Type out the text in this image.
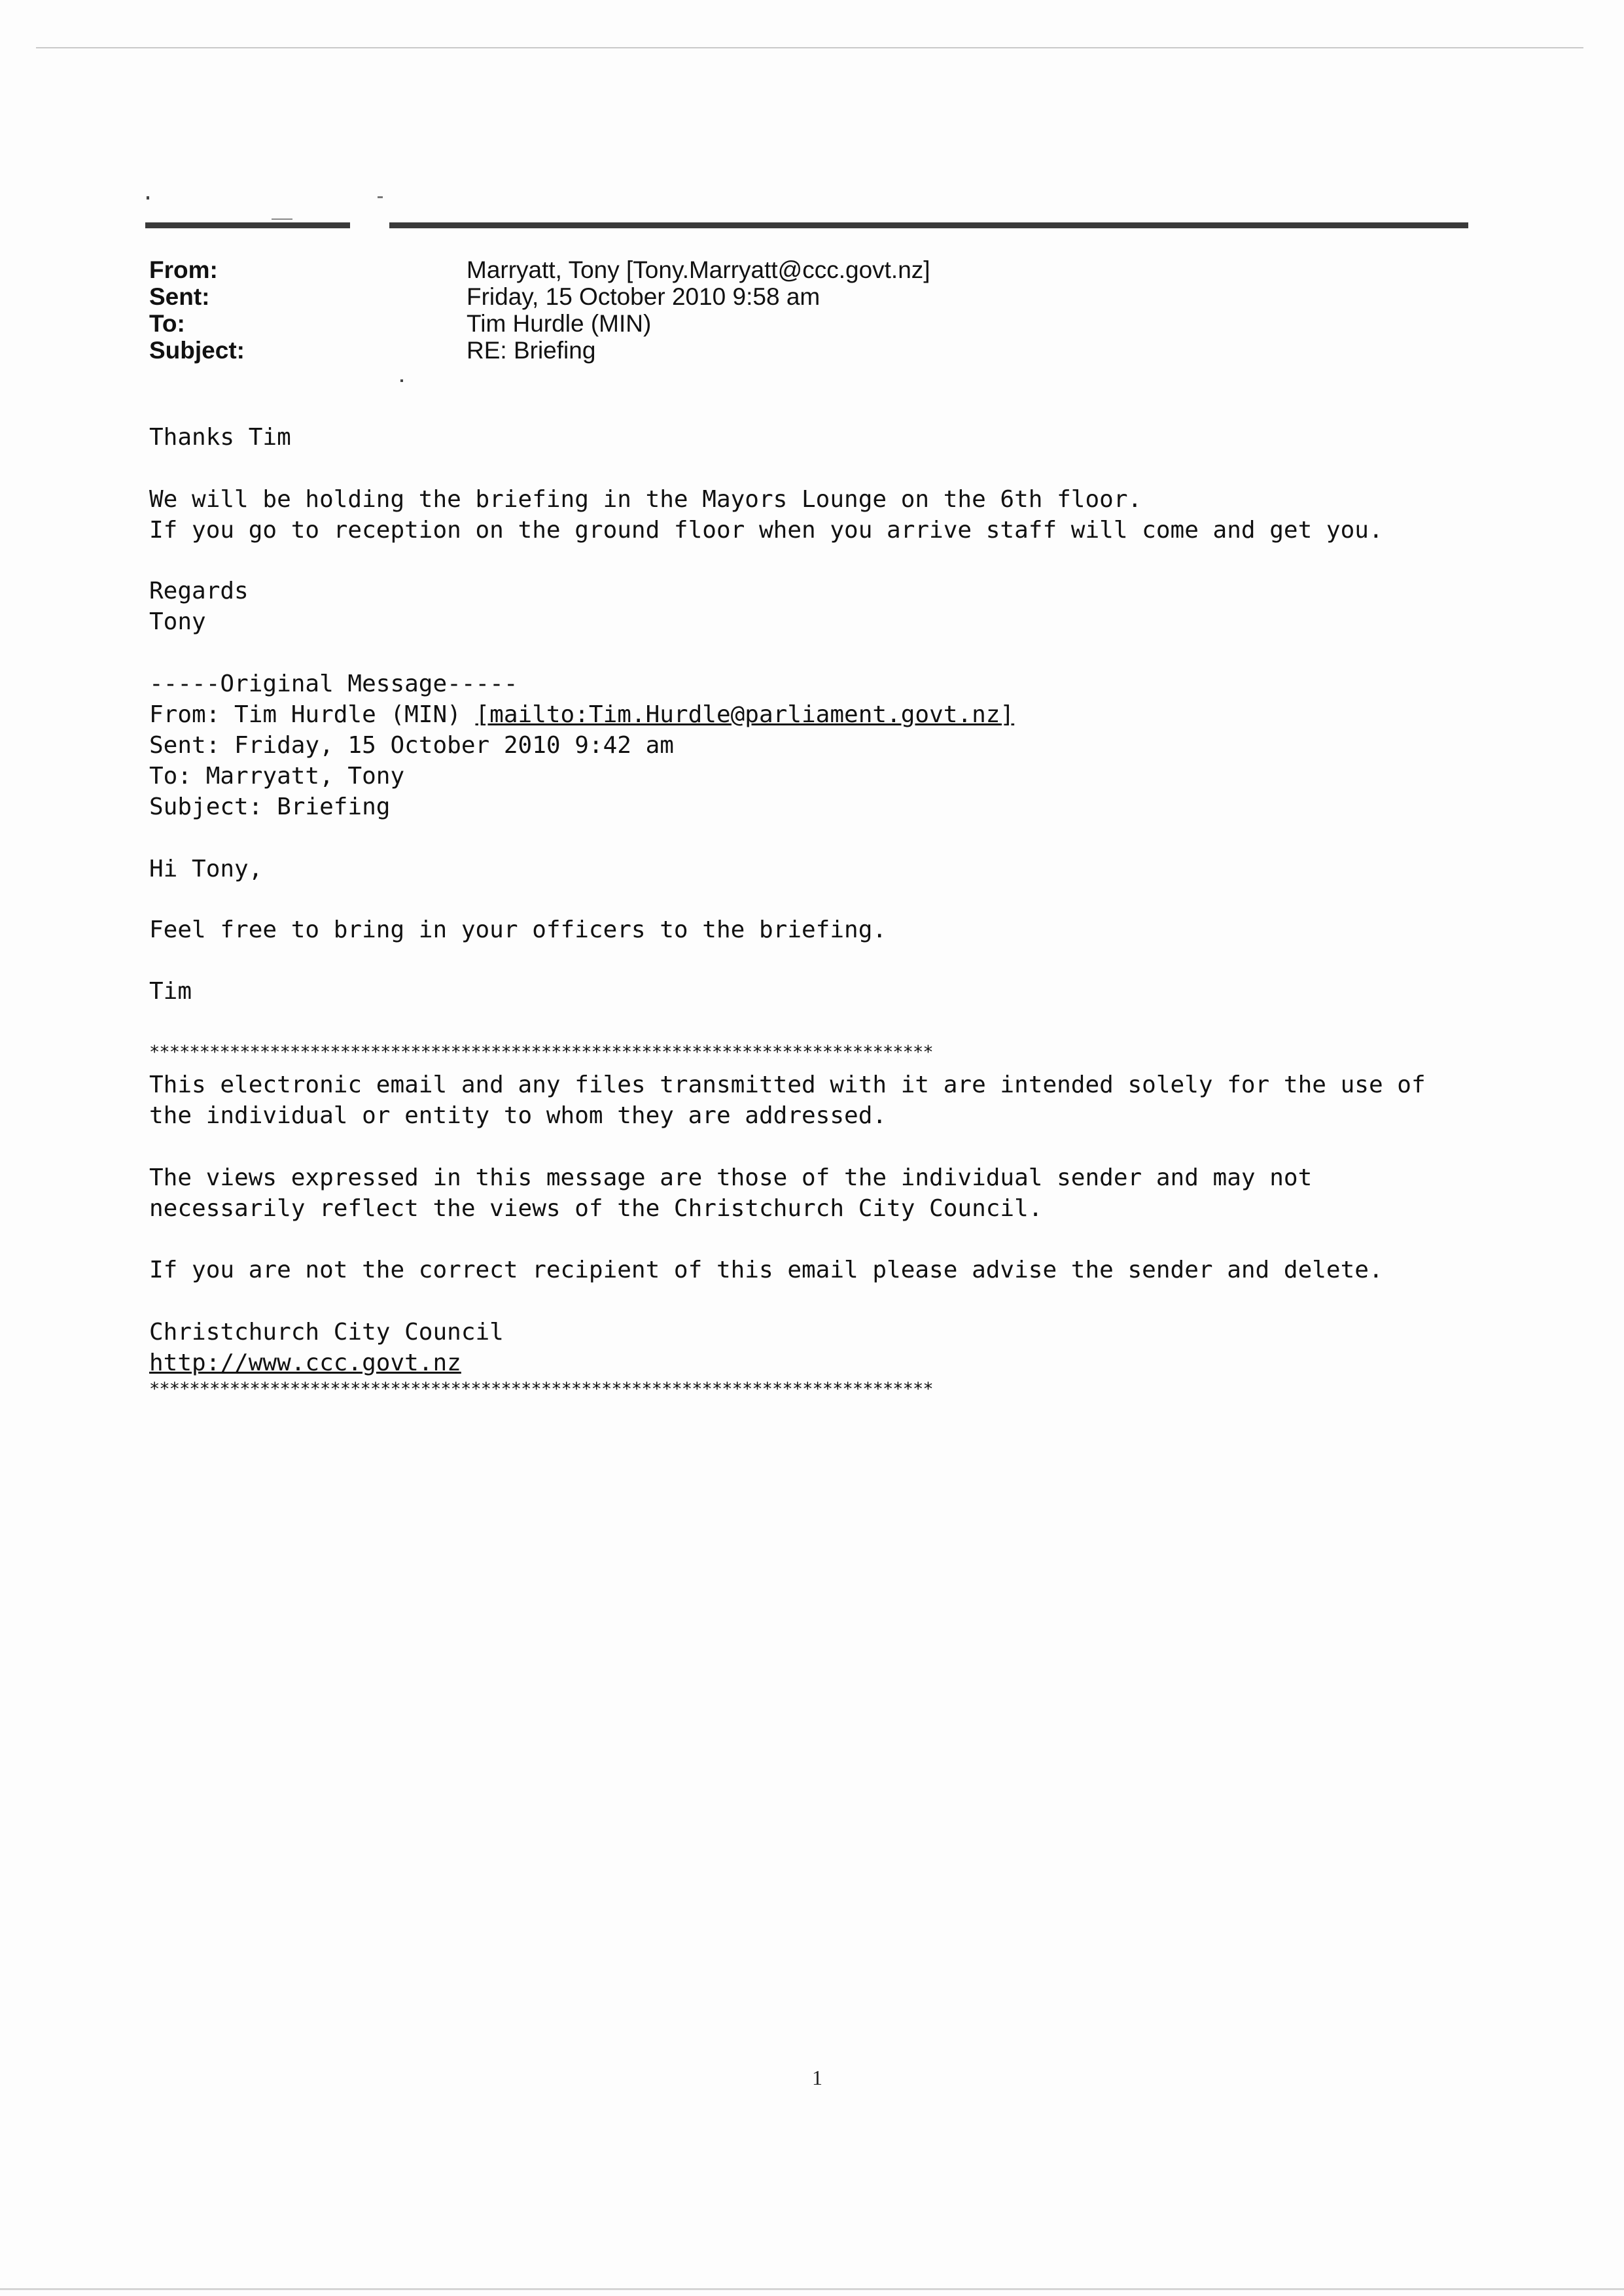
From:	Marryatt, Tony [Tony.Marryatt@ccc.govt.nz]
Sent:	Friday, 15 October 2010 9:58 am
To:	Tim Hurdle (MIN)
Subject:	RE: Briefing
Thanks Tim
We will be holding the briefing in the Mayors Lounge on the 6th floor.
If you go to reception on the ground floor when you arrive staff will come and get you.
Regards
Tony
-----Original Message-----
From: Tim Hurdle (MIN) [mailto:Tim.Hurdle@parliament.govt.nz]
Sent: Friday, 15 October 2010 9:42 am
To: Marryatt, Tony
Subject: Briefing
Hi Tony,
Feel free to bring in your officers to the briefing.
Tim
******************************************************************************
This electronic email and any files transmitted with it are intended solely for the use of
the individual or entity to whom they are addressed.
The views expressed in this message are those of the individual sender and may not
necessarily reflect the views of the Christchurch City Council.
If you are not the correct recipient of this email please advise the sender and delete.
Christchurch City Council
http://www.ccc.govt.nz
******************************************************************************
1
